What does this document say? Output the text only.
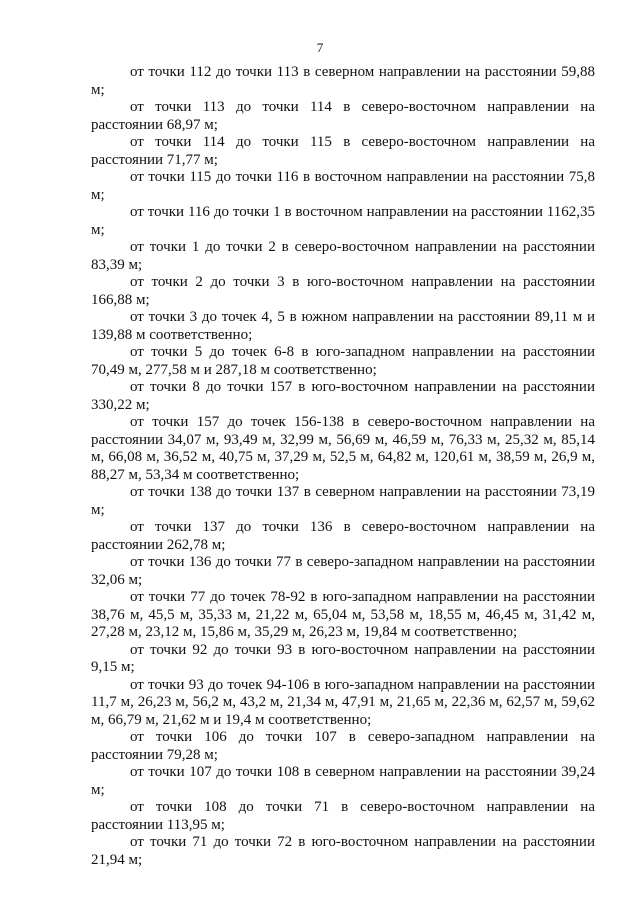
7

от точки 112 до точки 113 в северном направлении на расстоянии 59,88 м;

от точки 113 до точки 114 в северо-восточном направлении на расстоянии 68,97 м;

от точки 114 до точки 115 в северо-восточном направлении на расстоянии 71,77 м;

от точки 115 до точки 116 в восточном направлении на расстоянии 75,8 м;

от точки 116 до точки 1 в восточном направлении на расстоянии 1162,35 м;

от точки 1 до точки 2 в северо-восточном направлении на расстоянии 83,39 м;

от точки 2 до точки 3 в юго-восточном направлении на расстоянии 166,88 м;

от точки 3 до точек 4, 5 в южном направлении на расстоянии 89,11 м и 139,88 м соответственно;

от точки 5 до точек 6-8 в юго-западном направлении на расстоянии 70,49 м, 277,58 м и 287,18 м соответственно;

от точки 8 до точки 157 в юго-восточном направлении на расстоянии 330,22 м;

от точки 157 до точек 156-138 в северо-восточном направлении на расстоянии 34,07 м, 93,49 м, 32,99 м, 56,69 м, 46,59 м, 76,33 м, 25,32 м, 85,14 м, 66,08 м, 36,52 м, 40,75 м, 37,29 м, 52,5 м, 64,82 м, 120,61 м, 38,59 м, 26,9 м, 88,27 м, 53,34 м соответственно;

от точки 138 до точки 137 в северном направлении на расстоянии 73,19 м;

от точки 137 до точки 136 в северо-восточном направлении на расстоянии 262,78 м;

от точки 136 до точки 77 в северо-западном направлении на расстоянии 32,06 м;

от точки 77 до точек 78-92 в юго-западном направлении на расстоянии 38,76 м, 45,5 м, 35,33 м, 21,22 м, 65,04 м, 53,58 м, 18,55 м, 46,45 м, 31,42 м, 27,28 м, 23,12 м, 15,86 м, 35,29 м, 26,23 м, 19,84 м соответственно;

от точки 92 до точки 93 в юго-восточном направлении на расстоянии 9,15 м;

от точки 93 до точек 94-106 в юго-западном направлении на расстоянии 11,7 м, 26,23 м, 56,2 м, 43,2 м, 21,34 м, 47,91 м, 21,65 м, 22,36 м, 62,57 м, 59,62 м, 66,79 м, 21,62 м и 19,4 м соответственно;

от точки 106 до точки 107 в северо-западном направлении на расстоянии 79,28 м;

от точки 107 до точки 108 в северном направлении на расстоянии 39,24 м;

от точки 108 до точки 71 в северо-восточном направлении на расстоянии 113,95 м;

от точки 71 до точки 72 в юго-восточном направлении на расстоянии 21,94 м;
